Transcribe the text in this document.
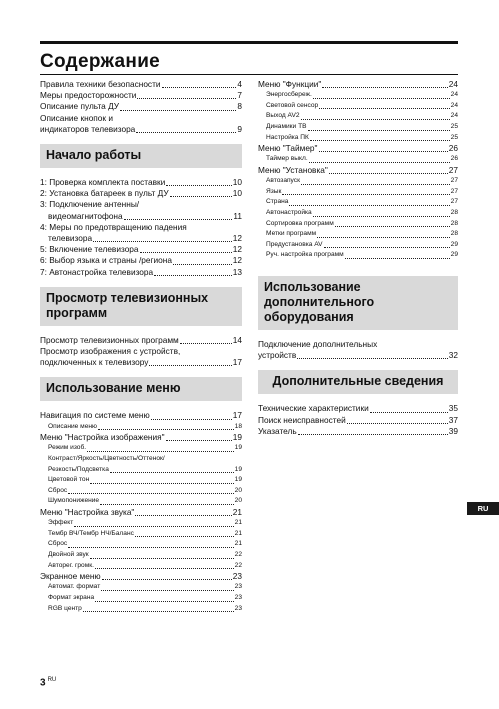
Содержание
Правила техники безопасности	4
Меры предосторожности	7
Описание пульта ДУ	8
Описание кнопок и
индикаторов телевизора	9
Начало работы
1: Проверка комплекта поставки	10
2: Установка батареек в пульт ДУ	10
3: Подключение антенны/
видеомагнитофона	11
4: Меры по предотвращению падения
телевизора	12
5: Включение телевизора	12
6: Выбор языка и страны /региона	12
7: Автонастройка телевизора	13
Просмотр телевизионных программ
Просмотр телевизионных программ	14
Просмотр изображения с устройств,
подключенных к телевизору	17
Использование меню
Навигация по системе меню	17
Описание меню	18
Меню "Настройка изображения"	19
Режим изоб.	19
Контраст/Яркость/Цветность/Оттенок/
Резкость/Подсветка	19
Цветовой тон	19
Сброс	20
Шумопонижение	20
Меню "Настройка звука"	21
Эффект	21
Тембр ВЧ/Тембр НЧ/Баланс	21
Сброс	21
Двойной звук	22
Авторег. громк.	22
Экранное меню	23
Автомат. формат	23
Формат экрана	23
RGB центр	23
Меню "Функции"	24
Энергосбереж.	24
Световой сенсор	24
Выход AV2	24
Динамики ТВ	25
Настройка ПК	25
Меню "Таймер"	26
Таймер выкл.	26
Меню "Установка"	27
Автозапуск	27
Язык	27
Страна	27
Автонастройка	28
Сортировка программ	28
Метки программ	28
Предустановка AV	29
Руч. настройка программ	29
Использование дополнительного оборудования
Подключение дополнительных
устройств	32
Дополнительные сведения
Технические характеристики	35
Поиск неисправностей	37
Указатель	39
RU
3 $^{RU}$
